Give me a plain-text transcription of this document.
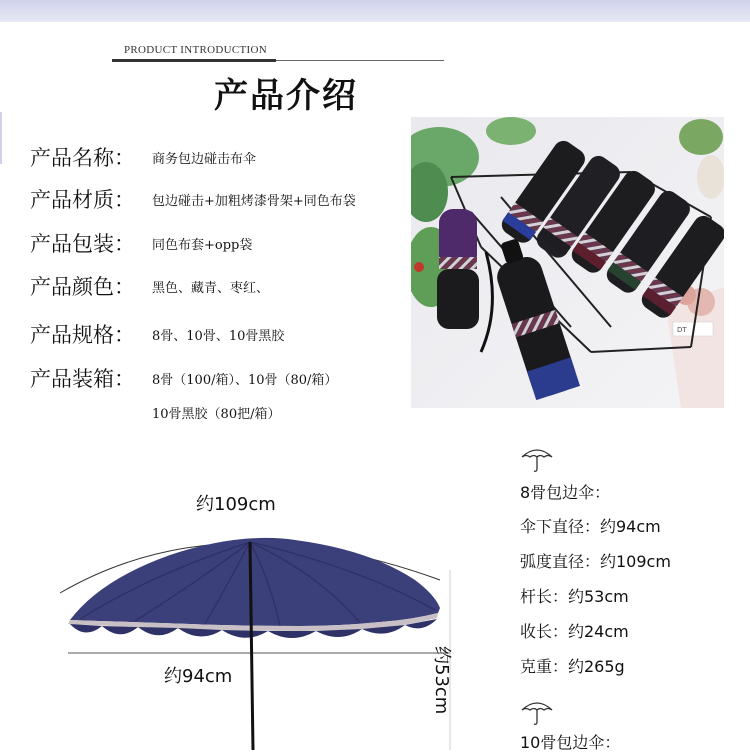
PRODUCT INTRODUCTION
产品介绍
产品名称： 商务包边碰击布伞
产品材质： 包边碰击+加粗烤漆骨架+同色布袋
产品包装： 同色布套+opp袋
产品颜色： 黑色、藏青、枣红、
产品规格： 8骨、10骨、10骨黑胶
产品装箱： 8骨（100/箱）、10骨（80/箱）
10骨黑胶（80把/箱）
DT
约109cm
约94cm	约53cm
8骨包边伞：
伞下直径：约94cm
弧度直径：约109cm
杆长：约53cm
收长：约24cm
克重：约265g
10骨包边伞：
